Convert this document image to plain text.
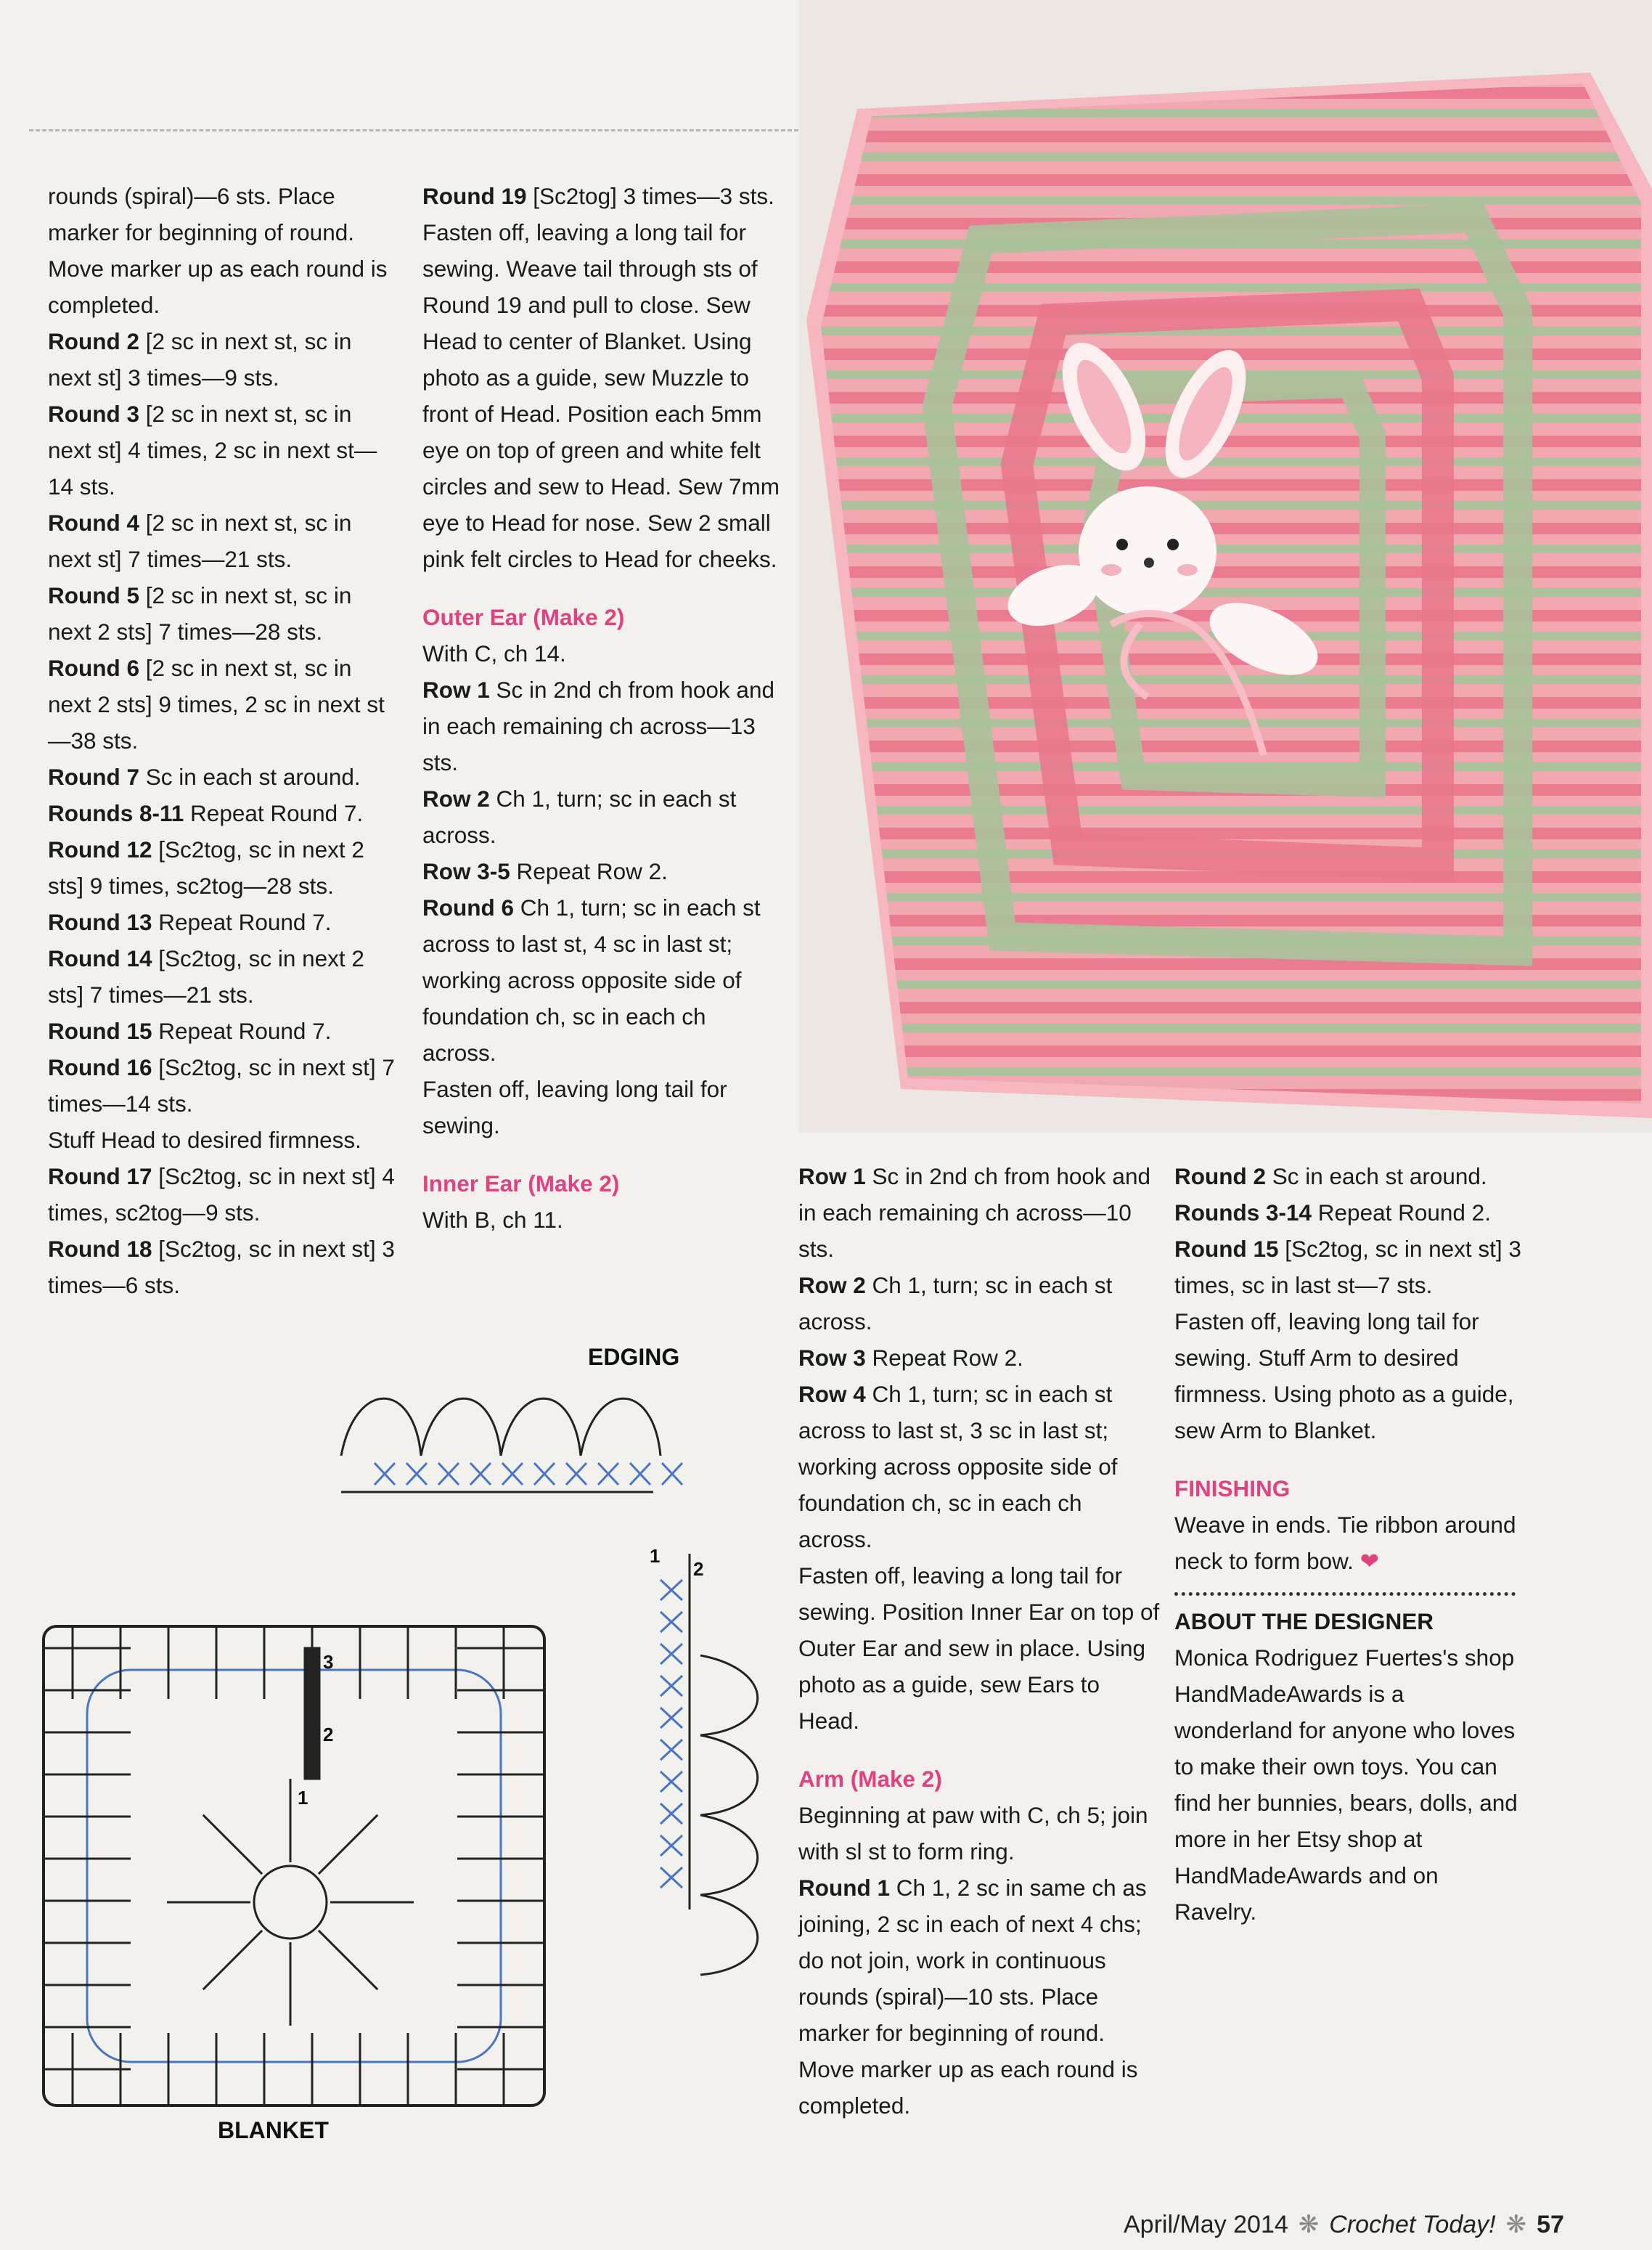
rounds (spiral)—6 sts. Place marker for beginning of round. Move marker up as each round is completed.

Round 2 [2 sc in next st, sc in next st] 3 times—9 sts.

Round 3 [2 sc in next st, sc in next st] 4 times, 2 sc in next st—14 sts.

Round 4 [2 sc in next st, sc in next st] 7 times—21 sts.

Round 5 [2 sc in next st, sc in next 2 sts] 7 times—28 sts.

Round 6 [2 sc in next st, sc in next 2 sts] 9 times, 2 sc in next st—38 sts.

Round 7 Sc in each st around.

Rounds 8-11 Repeat Round 7.

Round 12 [Sc2tog, sc in next 2 sts] 9 times, sc2tog—28 sts.

Round 13 Repeat Round 7.

Round 14 [Sc2tog, sc in next 2 sts] 7 times—21 sts.

Round 15 Repeat Round 7.

Round 16 [Sc2tog, sc in next st] 7 times—14 sts.

Stuff Head to desired firmness.

Round 17 [Sc2tog, sc in next st] 4 times, sc2tog—9 sts.

Round 18 [Sc2tog, sc in next st] 3 times—6 sts.

Round 19 [Sc2tog] 3 times—3 sts. Fasten off, leaving a long tail for sewing. Weave tail through sts of Round 19 and pull to close. Sew Head to center of Blanket. Using photo as a guide, sew Muzzle to front of Head. Position each 5mm eye on top of green and white felt circles and sew to Head. Sew 7mm eye to Head for nose. Sew 2 small pink felt circles to Head for cheeks.

Outer Ear (Make 2)

With C, ch 14.

Row 1 Sc in 2nd ch from hook and in each remaining ch across—13 sts.

Row 2 Ch 1, turn; sc in each st across.

Row 3-5 Repeat Row 2.

Round 6 Ch 1, turn; sc in each st across to last st, 4 sc in last st; working across opposite side of foundation ch, sc in each ch across.

Fasten off, leaving long tail for sewing.

Inner Ear (Make 2)

With B, ch 11.

Row 1 Sc in 2nd ch from hook and in each remaining ch across—10 sts.

Row 2 Ch 1, turn; sc in each st across.

Row 3 Repeat Row 2.

Row 4 Ch 1, turn; sc in each st across to last st, 3 sc in last st; working across opposite side of foundation ch, sc in each ch across.

Fasten off, leaving a long tail for sewing. Position Inner Ear on top of Outer Ear and sew in place. Using photo as a guide, sew Ears to Head.

Arm (Make 2)

Beginning at paw with C, ch 5; join with sl st to form ring.

Round 1 Ch 1, 2 sc in same ch as joining, 2 sc in each of next 4 chs; do not join, work in continuous rounds (spiral)—10 sts. Place marker for beginning of round. Move marker up as each round is completed.

Round 2 Sc in each st around.

Rounds 3-14 Repeat Round 2.

Round 15 [Sc2tog, sc in next st] 3 times, sc in last st—7 sts.

Fasten off, leaving long tail for sewing. Stuff Arm to desired firmness. Using photo as a guide, sew Arm to Blanket.

FINISHING

Weave in ends. Tie ribbon around neck to form bow. ❤

ABOUT THE DESIGNER

Monica Rodriguez Fuertes's shop HandMadeAwards is a wonderland for anyone who loves to make their own toys. You can find her bunnies, bears, dolls, and more in her Etsy shop at HandMadeAwards and on Ravelry.

EDGING
BLANKET
3
2
1
1
2
April/May 2014 ❋ Crochet Today! ❋ 57
